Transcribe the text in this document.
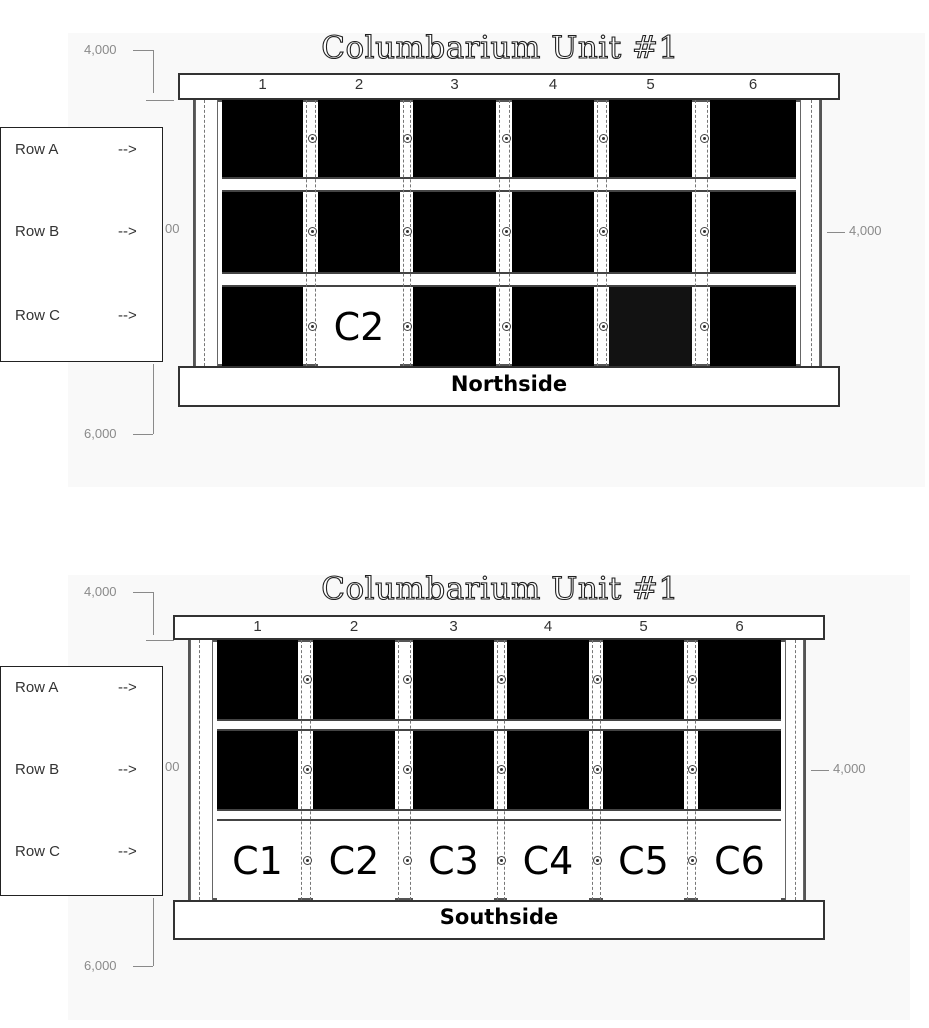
Columbarium Unit #1
4,000
6,000
4,000
1	2	3	4	5	6
C2
Northside
00
Row A	-->
Row B	-->
Row C	-->
Columbarium Unit #1
4,000
6,000
4,000
1	2	3	4	5	6
C1	C2	C3	C4	C5	C6
Southside
00
Row A	-->
Row B	-->
Row C	-->
